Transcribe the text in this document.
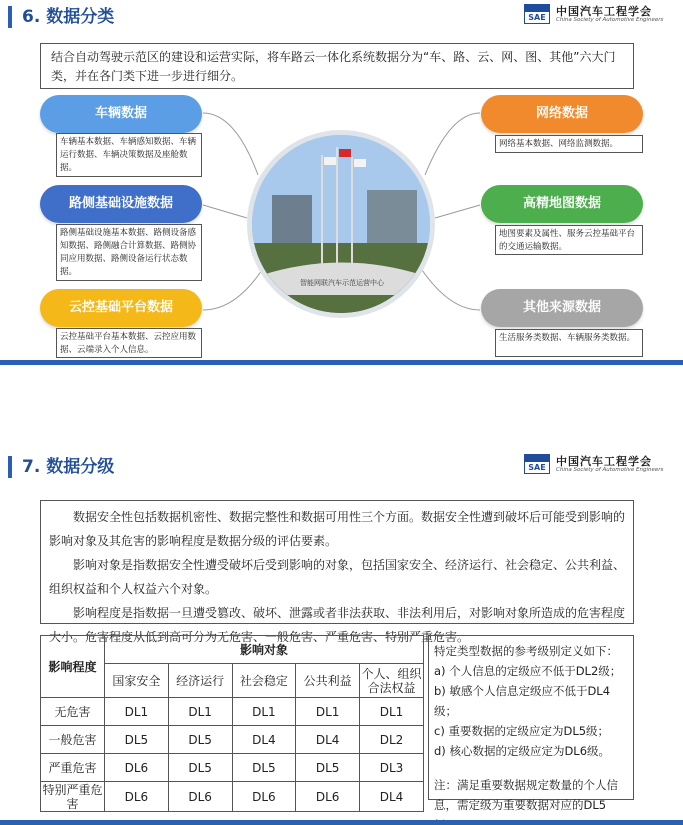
6. 数据分类	SAE 中国汽车工程学会
China Society of Automotive Engineers
结合自动驾驶示范区的建设和运营实际，将车路云一体化系统数据分为“车、路、云、网、图、其他”六大门类，并在各门类下进一步进行细分。
车辆数据
车辆基本数据、车辆感知数据、车辆运行数据、车辆决策数据及座舱数据。
路侧基础设施数据
路侧基础设施基本数据、路侧设备感知数据、路侧融合计算数据、路侧协同应用数据、路侧设备运行状态数据。
云控基础平台数据
云控基础平台基本数据、云控应用数据、云端录入个人信息。
网络数据
网络基本数据、网络监测数据。
高精地图数据
地图要素及属性、服务云控基础平台的交通运输数据。
其他来源数据
生活服务类数据、车辆服务类数据。
智能网联汽车示范运营中心
7. 数据分级	SAE 中国汽车工程学会
China Society of Automotive Engineers

数据安全性包括数据机密性、数据完整性和数据可用性三个方面。数据安全性遭到破坏后可能受到影响的影响对象及其危害的影响程度是数据分级的评估要素。

影响对象是指数据安全性遭受破坏后受到影响的对象，包括国家安全、经济运行、社会稳定、公共利益、组织权益和个人权益六个对象。

影响程度是指数据一旦遭受篡改、破坏、泄露或者非法获取、非法利用后，对影响对象所造成的危害程度大小。危害程度从低到高可分为无危害、一般危害、严重危害、特别严重危害。

影响程度	影响对象				
	国家安全	经济运行	社会稳定	公共利益	个人、组织合法权益
无危害	DL1	DL1	DL1	DL1	DL1
一般危害	DL5	DL5	DL4	DL4	DL2
严重危害	DL6	DL5	DL5	DL5	DL3
特别严重危害	DL6	DL6	DL6	DL6	DL4
特定类型数据的参考级别定义如下：
a) 个人信息的定级应不低于DL2级；
b) 敏感个人信息定级应不低于DL4级；
c) 重要数据的定级应定为DL5级；
d) 核心数据的定级应定为DL6级。
注：满足重要数据规定数量的个人信息，需定级为重要数据对应的DL5
